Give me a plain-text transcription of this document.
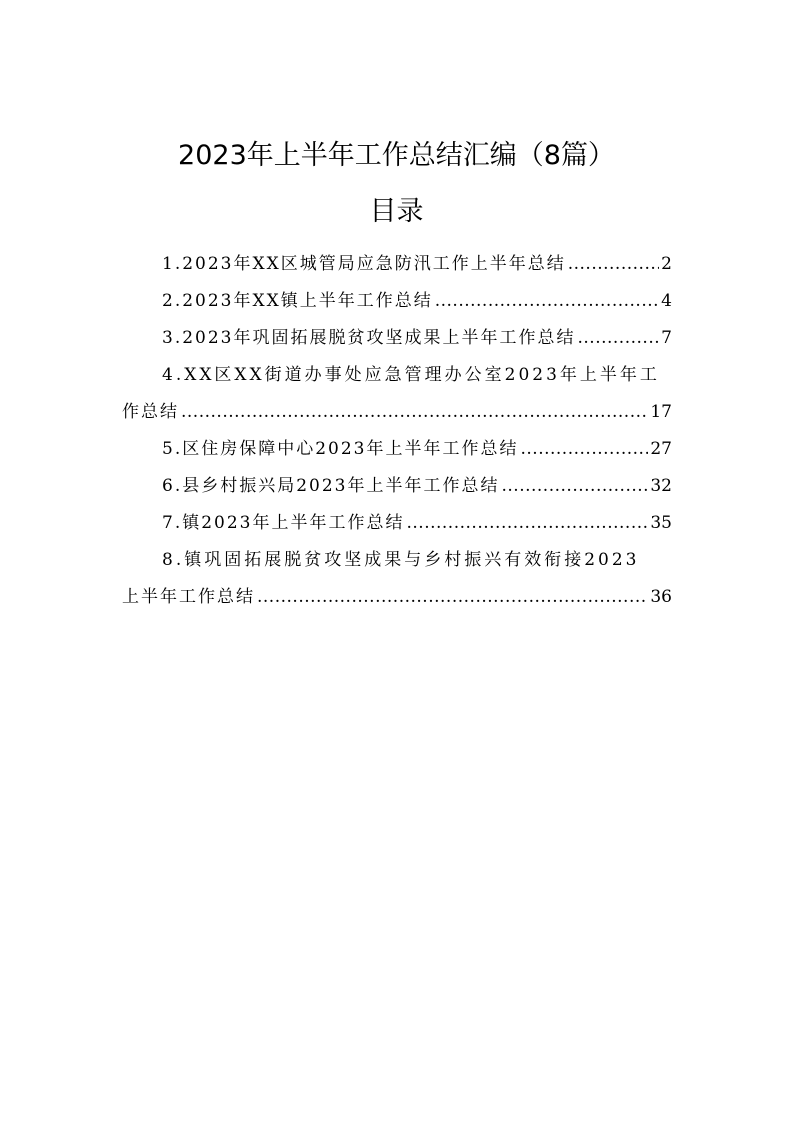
2023年上半年工作总结汇编（8篇）
目录
1.2023年XX区城管局应急防汛工作上半年总结 .....	2
2.2023年XX镇上半年工作总结 .....	4
3.2023年巩固拓展脱贫攻坚成果上半年工作总结 .....	7
4.XX区XX街道办事处应急管理办公室2023年上半年工
作总结 .....	17
5.区住房保障中心2023年上半年工作总结 .....	27
6.县乡村振兴局2023年上半年工作总结 .....	32
7.镇2023年上半年工作总结 .....	35
8.镇巩固拓展脱贫攻坚成果与乡村振兴有效衔接2023
上半年工作总结 .....	36
